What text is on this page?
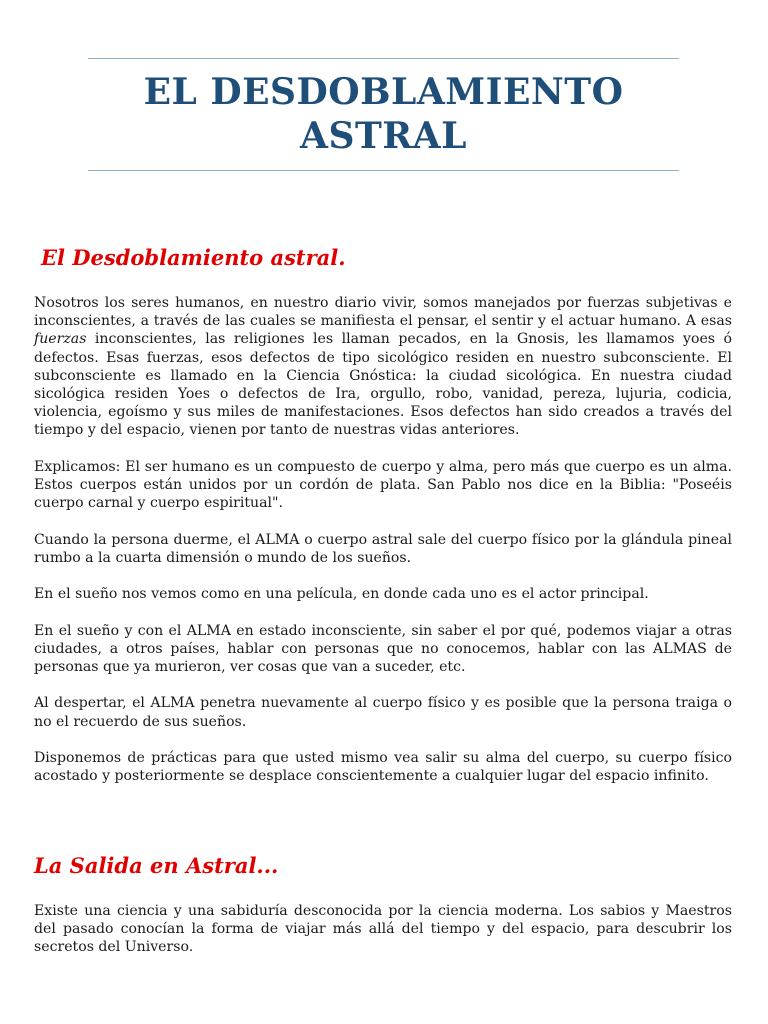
EL DESDOBLAMIENTO
ASTRAL
El Desdoblamiento astral.

Nosotros los seres humanos, en nuestro diario vivir, somos manejados por fuerzas subjetivas e inconscientes, a través de las cuales se manifiesta el pensar, el sentir y el actuar humano. A esas fuerzas inconscientes, las religiones les llaman pecados, en la Gnosis, les llamamos yoes ó defectos. Esas fuerzas, esos defectos de tipo sicológico residen en nuestro subconsciente. El subconsciente es llamado en la Ciencia Gnóstica: la ciudad sicológica. En nuestra ciudad sicológica residen Yoes o defectos de Ira, orgullo, robo, vanidad, pereza, lujuria, codicia, violencia, egoísmo y sus miles de manifestaciones. Esos defectos han sido creados a través del tiempo y del espacio, vienen por tanto de nuestras vidas anteriores.

Explicamos: El ser humano es un compuesto de cuerpo y alma, pero más que cuerpo es un alma. Estos cuerpos están unidos por un cordón de plata. San Pablo nos dice en la Biblia: "Poseéis cuerpo carnal y cuerpo espiritual".

Cuando la persona duerme, el ALMA o cuerpo astral sale del cuerpo físico por la glándula pineal rumbo a la cuarta dimensión o mundo de los sueños.

En el sueño nos vemos como en una película, en donde cada uno es el actor principal.

En el sueño y con el ALMA en estado inconsciente, sin saber el por qué, podemos viajar a otras ciudades, a otros países, hablar con personas que no conocemos, hablar con las ALMAS de personas que ya murieron, ver cosas que van a suceder, etc.

Al despertar, el ALMA penetra nuevamente al cuerpo físico y es posible que la persona traiga o no el recuerdo de sus sueños.

Disponemos de prácticas para que usted mismo vea salir su alma del cuerpo, su cuerpo físico acostado y posteriormente se desplace conscientemente a cualquier lugar del espacio infinito.

La Salida en Astral...

Existe una ciencia y una sabiduría desconocida por la ciencia moderna. Los sabios y Maestros del pasado conocían la forma de viajar más allá del tiempo y del espacio, para descubrir los secretos del Universo.
